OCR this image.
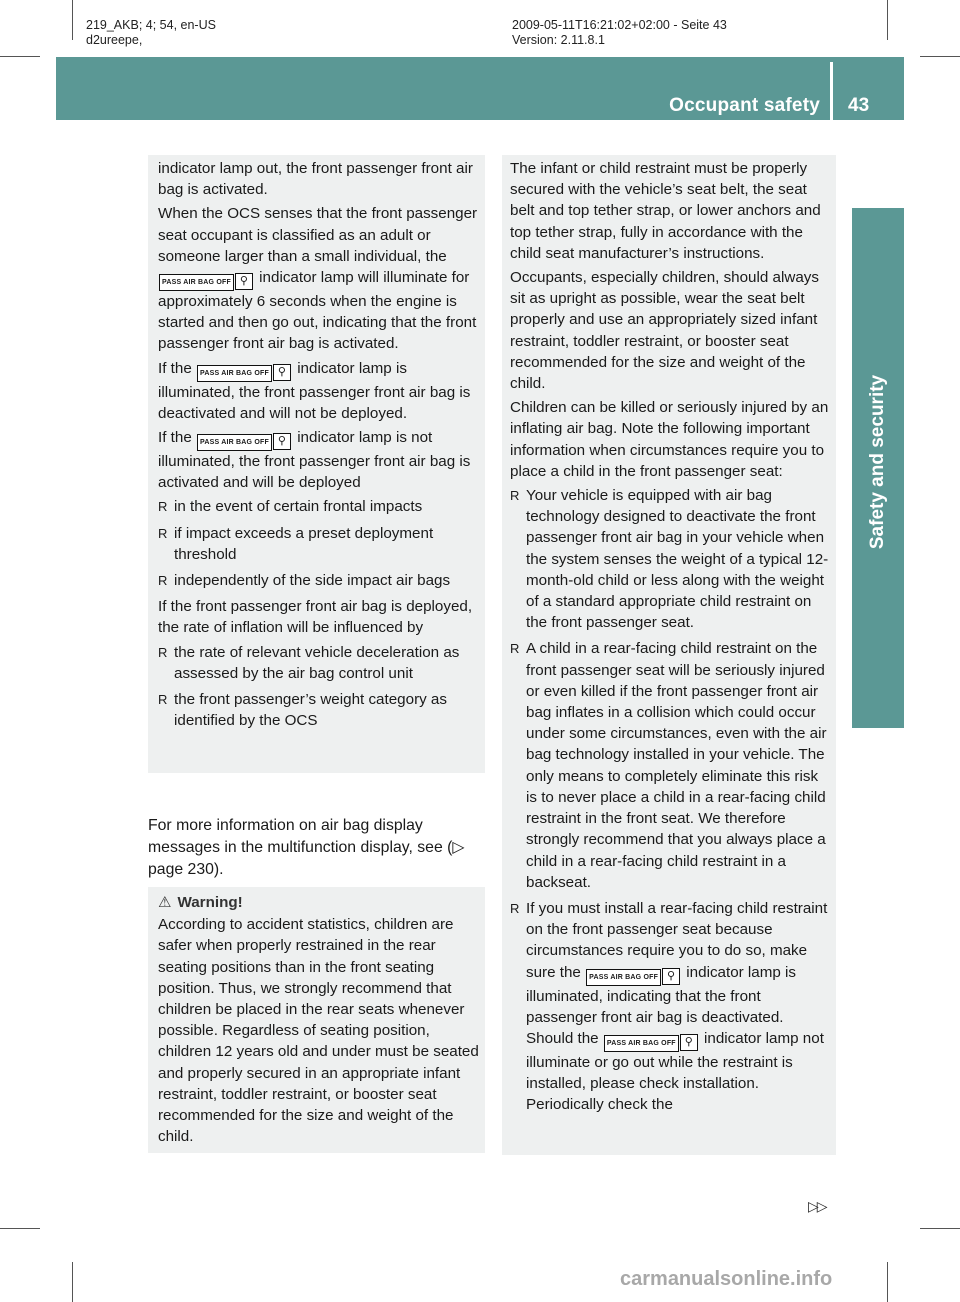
219_AKB; 4; 54, en-US
d2ureepe,
2009-05-11T16:21:02+02:00 - Seite 43
Version: 2.11.8.1
Occupant safety 43
Safety and security

indicator lamp out, the front passenger front air bag is activated.

When the OCS senses that the front passenger seat occupant is classified as an adult or someone larger than a small individual, the PASS AIR BAG OFF ⚲ indicator lamp will illuminate for approximately 6 seconds when the engine is started and then go out, indicating that the front passenger front air bag is activated.

If the PASS AIR BAG OFF ⚲ indicator lamp is illuminated, the front passenger front air bag is deactivated and will not be deployed.

If the PASS AIR BAG OFF ⚲ indicator lamp is not illuminated, the front passenger front air bag is activated and will be deployed

R in the event of certain frontal impacts
R if impact exceeds a preset deployment threshold
R independently of the side impact air bags

If the front passenger front air bag is deployed, the rate of inflation will be influenced by

R the rate of relevant vehicle deceleration as assessed by the air bag control unit
R the front passenger’s weight category as identified by the OCS
For more information on air bag display messages in the multifunction display, see (▷ page 230).
⚠ Warning!

According to accident statistics, children are safer when properly restrained in the rear seating positions than in the front seating position. Thus, we strongly recommend that children be placed in the rear seats whenever possible. Regardless of seating position, children 12 years old and under must be seated and properly secured in an appropriate infant restraint, toddler restraint, or booster seat recommended for the size and weight of the child.

The infant or child restraint must be properly secured with the vehicle’s seat belt, the seat belt and top tether strap, or lower anchors and top tether strap, fully in accordance with the child seat manufacturer’s instructions.

Occupants, especially children, should always sit as upright as possible, wear the seat belt properly and use an appropriately sized infant restraint, toddler restraint, or booster seat recommended for the size and weight of the child.

Children can be killed or seriously injured by an inflating air bag. Note the following important information when circumstances require you to place a child in the front passenger seat:

R Your vehicle is equipped with air bag technology designed to deactivate the front passenger front air bag in your vehicle when the system senses the weight of a typical 12-month-old child or less along with the weight of a standard appropriate child restraint on the front passenger seat.
R A child in a rear-facing child restraint on the front passenger seat will be seriously injured or even killed if the front passenger front air bag inflates in a collision which could occur under some circumstances, even with the air bag technology installed in your vehicle. The only means to completely eliminate this risk is to never place a child in a rear-facing child restraint in the front seat. We therefore strongly recommend that you always place a child in a rear-facing child restraint in a backseat.
R If you must install a rear-facing child restraint on the front passenger seat because circumstances require you to do so, make sure the PASS AIR BAG OFF ⚲ indicator lamp is illuminated, indicating that the front passenger front air bag is deactivated. Should the PASS AIR BAG OFF ⚲ indicator lamp not illuminate or go out while the restraint is installed, please check installation. Periodically check the
▷▷
carmanualsonline.info
